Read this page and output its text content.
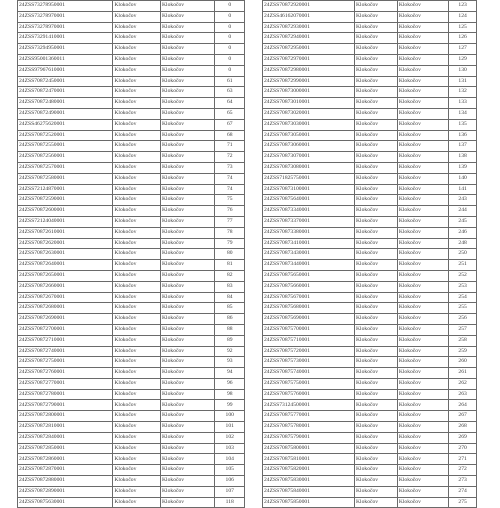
24ZSS73278950001	Klokočov	Klokočov	0
24ZSS73278970001	Klokočov	Klokočov	0
24ZSS73278970001	Klokočov	Klokočov	0
24ZSS73291410001	Klokočov	Klokočov	0
24ZSS73294950001	Klokočov	Klokočov	0
24ZSS95001360011	Klokočov	Klokočov	0
24ZSS97967610001	Klokočov	Klokočov	0
24ZSS70872450001	Klokočov	Klokočov	61
24ZSS70872470001	Klokočov	Klokočov	63
24ZSS70872480001	Klokočov	Klokočov	64
24ZSS70872490001	Klokočov	Klokočov	65
24ZSS46275620001	Klokočov	Klokočov	67
24ZSS70872520001	Klokočov	Klokočov	68
24ZSS70872550001	Klokočov	Klokočov	71
24ZSS70872560001	Klokočov	Klokočov	72
24ZSS70872570001	Klokočov	Klokočov	73
24ZSS70872580001	Klokočov	Klokočov	74
24ZSS72124870001	Klokočov	Klokočov	74
24ZSS70872590001	Klokočov	Klokočov	75
24ZSS70872600001	Klokočov	Klokočov	76
24ZSS72124040001	Klokočov	Klokočov	77
24ZSS70872610001	Klokočov	Klokočov	78
24ZSS70872620001	Klokočov	Klokočov	79
24ZSS70872630001	Klokočov	Klokočov	80
24ZSS70872640001	Klokočov	Klokočov	81
24ZSS70872650001	Klokočov	Klokočov	82
24ZSS70872660001	Klokočov	Klokočov	83
24ZSS70872670001	Klokočov	Klokočov	84
24ZSS70872680001	Klokočov	Klokočov	85
24ZSS70872690001	Klokočov	Klokočov	86
24ZSS70872700001	Klokočov	Klokočov	88
24ZSS70872710001	Klokočov	Klokočov	89
24ZSS70872740001	Klokočov	Klokočov	92
24ZSS70872750001	Klokočov	Klokočov	93
24ZSS70872760001	Klokočov	Klokočov	94
24ZSS70872770001	Klokočov	Klokočov	96
24ZSS70872780001	Klokočov	Klokočov	98
24ZSS70872790001	Klokočov	Klokočov	99
24ZSS70872800001	Klokočov	Klokočov	100
24ZSS70872810001	Klokočov	Klokočov	101
24ZSS70872840001	Klokočov	Klokočov	102
24ZSS70872850001	Klokočov	Klokočov	103
24ZSS70872860001	Klokočov	Klokočov	104
24ZSS70872870001	Klokočov	Klokočov	105
24ZSS70872880001	Klokočov	Klokočov	106
24ZSS70872890001	Klokočov	Klokočov	107
24ZSS70875630001	Klokočov	Klokočov	118
24ZSS70872920001	Klokočov	Klokočov	123
24ZSS46162070001	Klokočov	Klokočov	124
24ZSS70872930001	Klokočov	Klokočov	125
24ZSS70872940001	Klokočov	Klokočov	126
24ZSS70872950001	Klokočov	Klokočov	127
24ZSS70872970001	Klokočov	Klokočov	129
24ZSS70872980001	Klokočov	Klokočov	130
24ZSS70872990001	Klokočov	Klokočov	131
24ZSS70873000001	Klokočov	Klokočov	132
24ZSS70873010001	Klokočov	Klokočov	133
24ZSS70873020001	Klokočov	Klokočov	134
24ZSS70873030001	Klokočov	Klokočov	135
24ZSS70873050001	Klokočov	Klokočov	136
24ZSS70873060001	Klokočov	Klokočov	137
24ZSS70873070001	Klokočov	Klokočov	138
24ZSS70873080001	Klokočov	Klokočov	139
24ZSS71825750001	Klokočov	Klokočov	140
24ZSS70873100001	Klokočov	Klokočov	141
24ZSS70875640001	Klokočov	Klokočov	243
24ZSS70873340001	Klokočov	Klokočov	244
24ZSS70873370001	Klokočov	Klokočov	245
24ZSS70873380001	Klokočov	Klokočov	246
24ZSS70873410001	Klokočov	Klokočov	248
24ZSS70873430001	Klokočov	Klokočov	250
24ZSS70873440001	Klokočov	Klokočov	251
24ZSS70875650001	Klokočov	Klokočov	252
24ZSS70875660001	Klokočov	Klokočov	253
24ZSS70875670001	Klokočov	Klokočov	254
24ZSS70875680001	Klokočov	Klokočov	255
24ZSS70875690001	Klokočov	Klokočov	256
24ZSS70875700001	Klokočov	Klokočov	257
24ZSS70875710001	Klokočov	Klokočov	258
24ZSS70875720001	Klokočov	Klokočov	259
24ZSS70875730001	Klokočov	Klokočov	260
24ZSS70875740001	Klokočov	Klokočov	261
24ZSS70875750001	Klokočov	Klokočov	262
24ZSS70875760001	Klokočov	Klokočov	263
24ZSS73124500001	Klokočov	Klokočov	264
24ZSS70875770001	Klokočov	Klokočov	267
24ZSS70875780001	Klokočov	Klokočov	268
24ZSS70875790001	Klokočov	Klokočov	269
24ZSS70875800001	Klokočov	Klokočov	270
24ZSS70875810001	Klokočov	Klokočov	271
24ZSS70875820001	Klokočov	Klokočov	272
24ZSS70875830001	Klokočov	Klokočov	273
24ZSS70875840001	Klokočov	Klokočov	274
24ZSS70875850001	Klokočov	Klokočov	275
